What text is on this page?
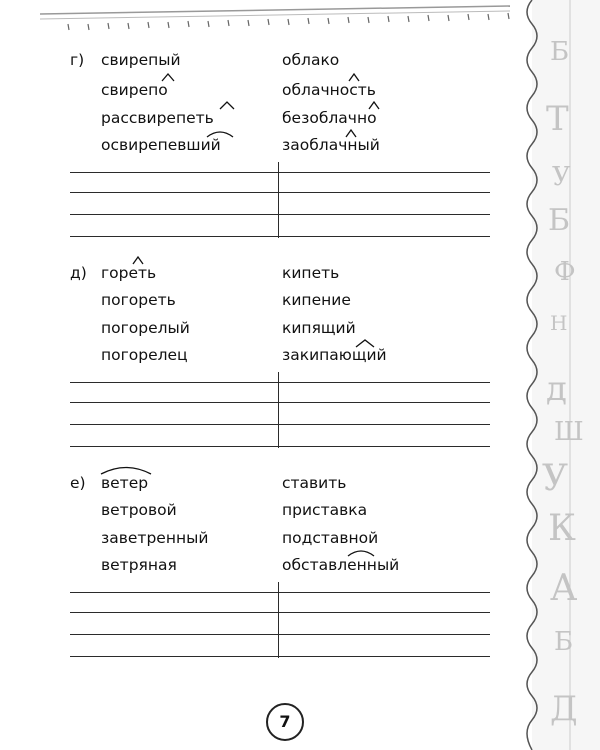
Б
Т
У
Б
Ф
Н
д
Ш
У
К
А
Б
Д
г) свирепый
свирепо
рассвирепеть
освирепевший
облако
облачность
безоблачно
заоблачный
д) гореть
погореть
погорелый
погорелец
кипеть
кипение
кипящий
закипающий
е) ветер
ветровой
заветренный
ветряная
ставить
приставка
подставной
обставленный
7
